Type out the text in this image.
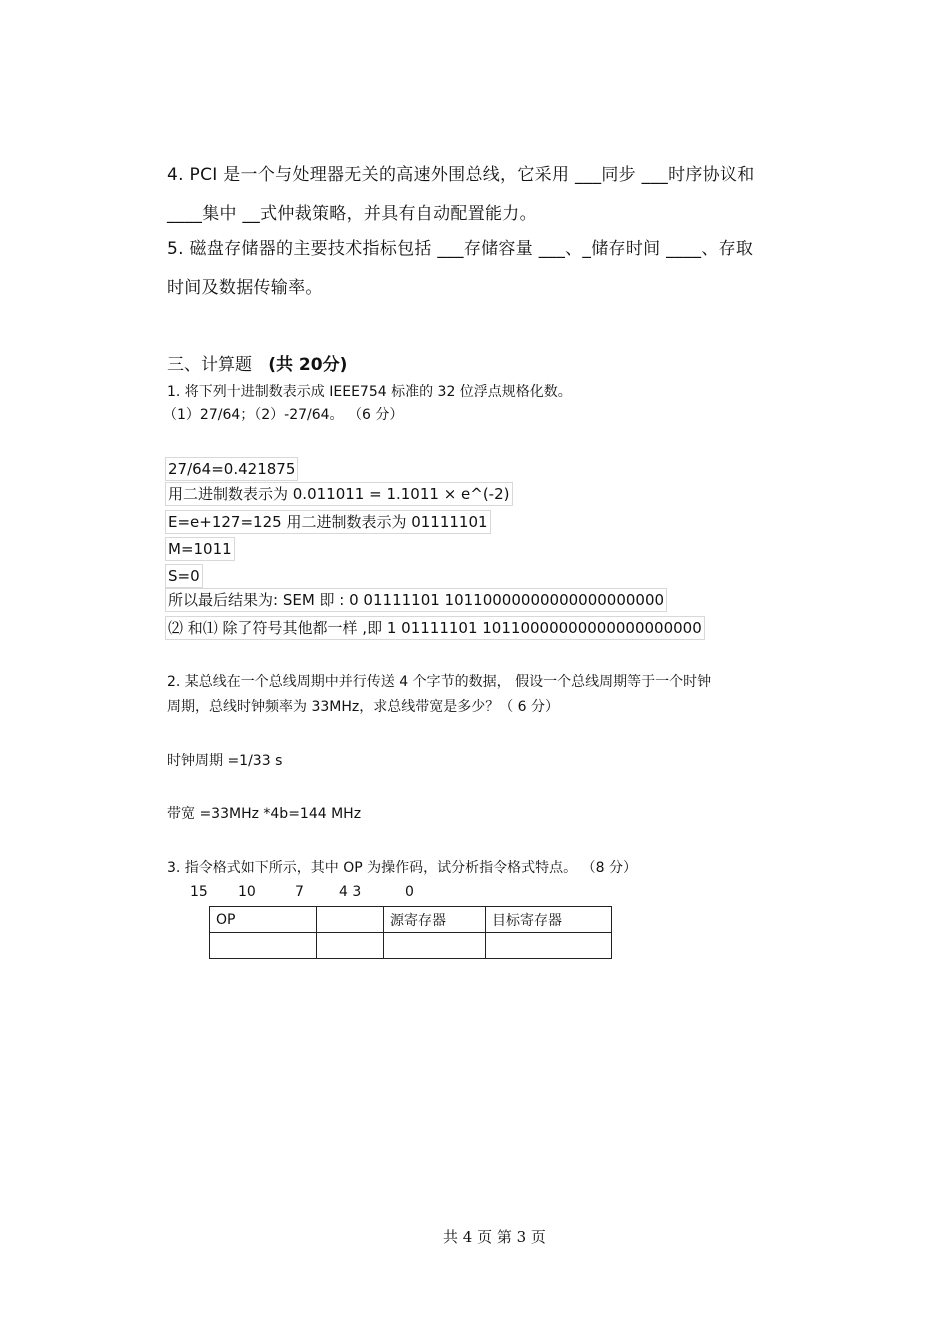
4. PCI 是一个与处理器无关的高速外围总线，它采用 ___同步 ___时序协议和
____集中 __式仲裁策略，并具有自动配置能力。
5. 磁盘存储器的主要技术指标包括 ___存储容量 ___、_储存时间 ____、存取
时间及数据传输率。
三、计算题 (共 20分)
1. 将下列十进制数表示成 IEEE754 标准的 32 位浮点规格化数。
（1）27/64；（2）-27/64。 （6 分）
27/64=0.421875
用二进制数表示为 0.011011 = 1.1011 × e^(-2)
E=e+127=125 用二进制数表示为 01111101
M=1011
S=0
所以最后结果为: SEM 即 : 0 01111101 10110000000000000000000
⑵ 和⑴ 除了符号其他都一样 ,即 1 01111101 10110000000000000000000
2. 某总线在一个总线周期中并行传送 4 个字节的数据， 假设一个总线周期等于一个时钟
周期，总线时钟频率为 33MHz，求总线带宽是多少？（ 6 分）
时钟周期 =1/33 s
带宽 =33MHz *4b=144 MHz
3. 指令格式如下所示，其中 OP 为操作码，试分析指令格式特点。 （8 分）
15 10	7	4 3	0
OP		源寄存器	目标寄存器

共 4 页 第 3 页
